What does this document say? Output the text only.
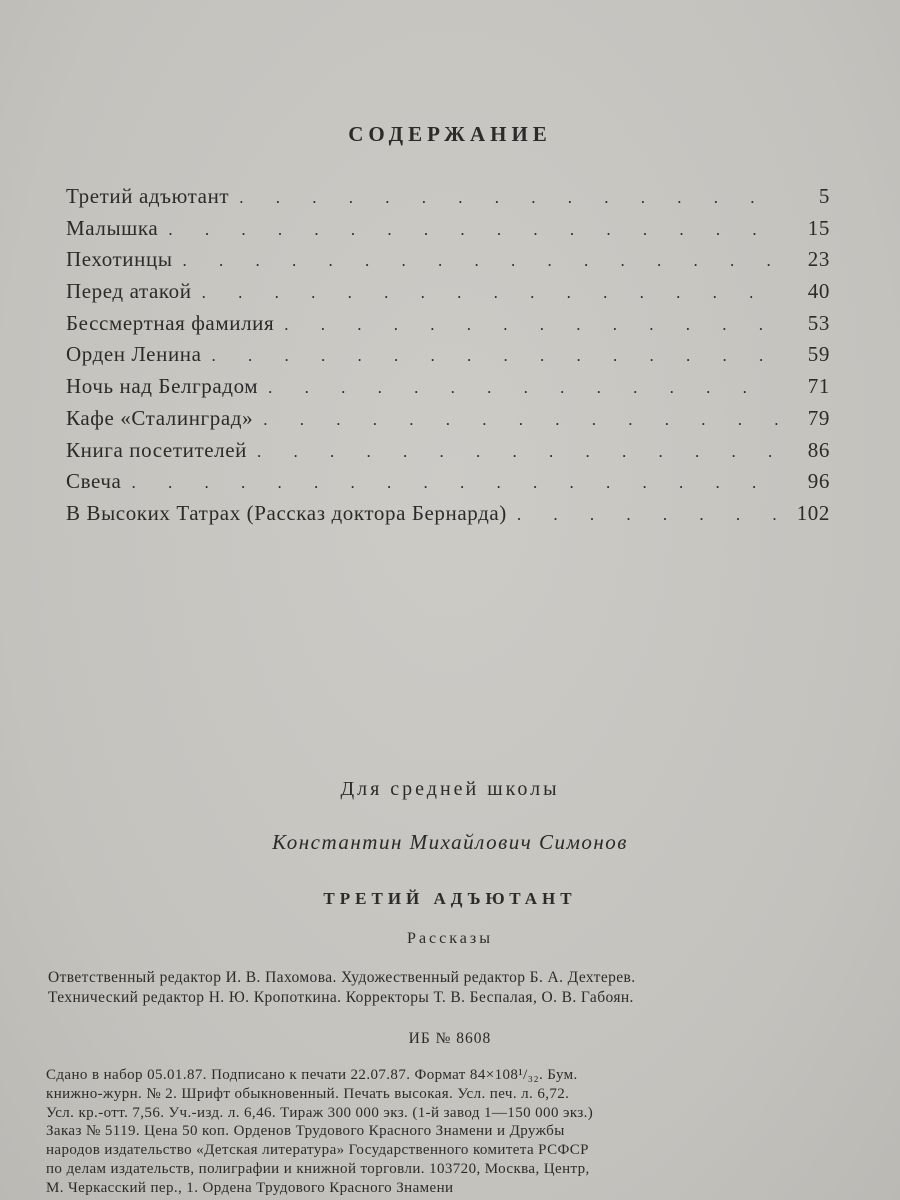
СОДЕРЖАНИЕ
Третий адъютант . . .	5
Малышка . . .	15
Пехотинцы . . .	23
Перед атакой . . .	40
Бессмертная фамилия . . .	53
Орден Ленина . . .	59
Ночь над Белградом . . .	71
Кафе «Сталинград» . . .	79
Книга посетителей . . .	86
Свеча . . .	96
В Высоких Татрах (Рассказ доктора Бернарда) . . .	102
Для средней школы
Константин Михайлович Симонов
ТРЕТИЙ АДЪЮТАНТ
Рассказы
Ответственный редактор И. В. Пахомова. Художественный редактор Б. А. Дехтерев.
Технический редактор Н. Ю. Кропоткина. Корректоры Т. В. Беспалая, О. В. Габоян.
ИБ № 8608
Сдано в набор 05.01.87. Подписано к печати 22.07.87. Формат 84×108¹/₃₂. Бум.
книжно-журн. № 2. Шрифт обыкновенный. Печать высокая. Усл. печ. л. 6,72.
Усл. кр.-отт. 7,56. Уч.-изд. л. 6,46. Тираж 300 000 экз. (1-й завод 1—150 000 экз.)
Заказ № 5119. Цена 50 коп. Орденов Трудового Красного Знамени и Дружбы
народов издательство «Детская литература» Государственного комитета РСФСР
по делам издательств, полиграфии и книжной торговли. 103720, Москва, Центр,
М. Черкасский пер., 1. Ордена Трудового Красного Знамени
